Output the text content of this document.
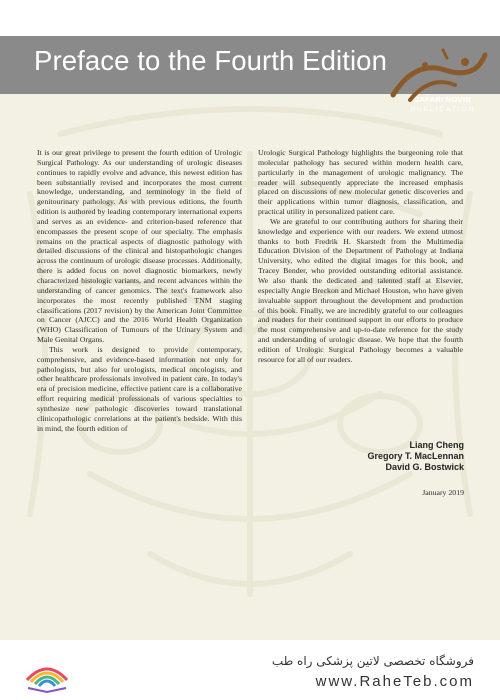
Preface to the Fourth Edition
JAFARI NOVIN
PUBLICATION

It is our great privilege to present the fourth edition of Urologic Surgical Pathology. As our understanding of urologic diseases continues to rapidly evolve and advance, this newest edition has been substantially revised and incorporates the most current knowledge, understanding, and terminology in the field of genitourinary pathology. As with previous editions, the fourth edition is authored by leading contemporary international experts and serves as an evidence- and criterion-based reference that encompasses the present scope of our specialty. The emphasis remains on the practical aspects of diagnostic pathology with detailed discussions of the clinical and histopathologic changes across the continuum of urologic disease processes. Additionally, there is added focus on novel diagnostic biomarkers, newly characterized histologic variants, and recent advances within the understanding of cancer genomics. The text's framework also incorporates the most recently published TNM staging classifications (2017 revision) by the American Joint Committee on Cancer (AJCC) and the 2016 World Health Organization (WHO) Classification of Tumours of the Urinary System and Male Genital Organs.

This work is designed to provide contemporary, comprehensive, and evidence-based information not only for pathologists, but also for urologists, medical oncologists, and other healthcare professionals involved in patient care. In today's era of precision medicine, effective patient care is a collaborative effort requiring medical professionals of various specialties to synthesize new pathologic discoveries toward translational clinicopathologic correlations at the patient's bedside. With this in mind, the fourth edition of

Urologic Surgical Pathology highlights the burgeoning role that molecular pathology has secured within modern health care, particularly in the management of urologic malignancy. The reader will subsequently appreciate the increased emphasis placed on discussions of new molecular genetic discoveries and their applications within tumor diagnosis, classification, and practical utility in personalized patient care.

We are grateful to our contributing authors for sharing their knowledge and experience with our readers. We extend utmost thanks to both Fredrik H. Skarstedt from the Multimedia Education Division of the Department of Pathology at Indiana University, who edited the digital images for this book, and Tracey Bender, who provided outstanding editorial assistance. We also thank the dedicated and talented staff at Elsevier, especially Angie Breckon and Michael Houston, who have given invaluable support throughout the development and production of this book. Finally, we are incredibly grateful to our colleagues and readers for their continued support in our efforts to produce the most comprehensive and up-to-date reference for the study and understanding of urologic disease. We hope that the fourth edition of Urologic Surgical Pathology becomes a valuable resource for all of our readers.

Liang Cheng
Gregory T. MacLennan
David G. Bostwick
January 2019
فروشگاه تخصصی لاتین پزشکی راه طب
www.RaheTeb.com
